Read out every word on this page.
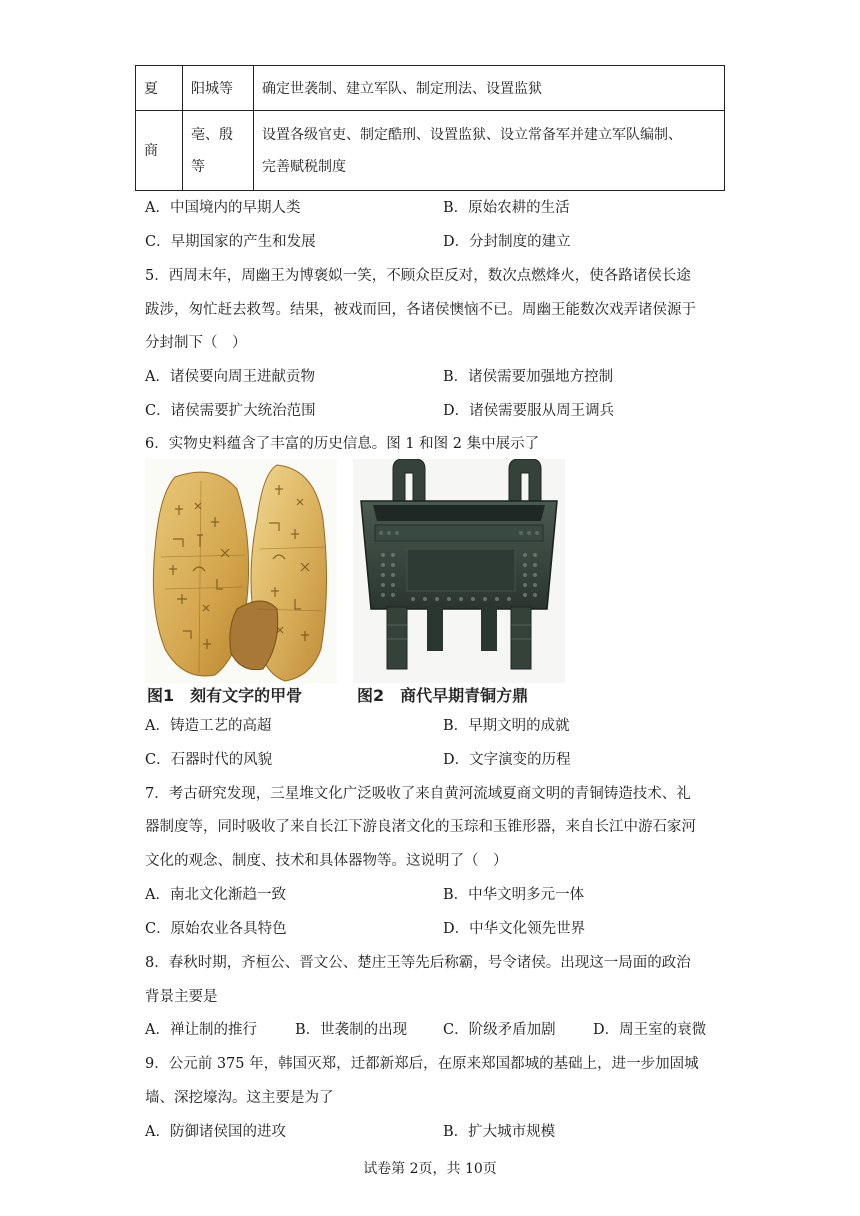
夏	阳城等	确定世袭制、建立军队、制定刑法、设置监狱
商	亳、殷等	设置各级官吏、制定酷刑、设置监狱、设立常备军并建立军队编制、
完善赋税制度
A．中国境内的早期人类	B．原始农耕的生活
C．早期国家的产生和发展	D．分封制度的建立
5．西周末年，周幽王为博褒姒一笑，不顾众臣反对，数次点燃烽火，使各路诸侯长途
跋涉，匆忙赶去救驾。结果，被戏而回，各诸侯懊恼不已。周幽王能数次戏弄诸侯源于
分封制下（　）
A．诸侯要向周王进献贡物	B．诸侯需要加强地方控制
C．诸侯需要扩大统治范围	D．诸侯需要服从周王调兵
6．实物史料蕴含了丰富的历史信息。图 1 和图 2 集中展示了
图1　刻有文字的甲骨	图2　商代早期青铜方鼎
A．铸造工艺的高超	B．早期文明的成就
C．石器时代的风貌	D．文字演变的历程
7．考古研究发现，三星堆文化广泛吸收了来自黄河流域夏商文明的青铜铸造技术、礼
器制度等，同时吸收了来自长江下游良渚文化的玉琮和玉锥形器，来自长江中游石家河
文化的观念、制度、技术和具体器物等。这说明了（　）
A．南北文化渐趋一致	B．中华文明多元一体
C．原始农业各具特色	D．中华文化领先世界
8．春秋时期，齐桓公、晋文公、楚庄王等先后称霸，号令诸侯。出现这一局面的政治
背景主要是
A．禅让制的推行	B．世袭制的出现 C．阶级矛盾加剧	D．周王室的衰微
9．公元前 375 年，韩国灭郑，迁都新郑后，在原来郑国都城的基础上，进一步加固城
墙、深挖壕沟。这主要是为了
A．防御诸侯国的进攻	B．扩大城市规模
试卷第 2页，共 10页
